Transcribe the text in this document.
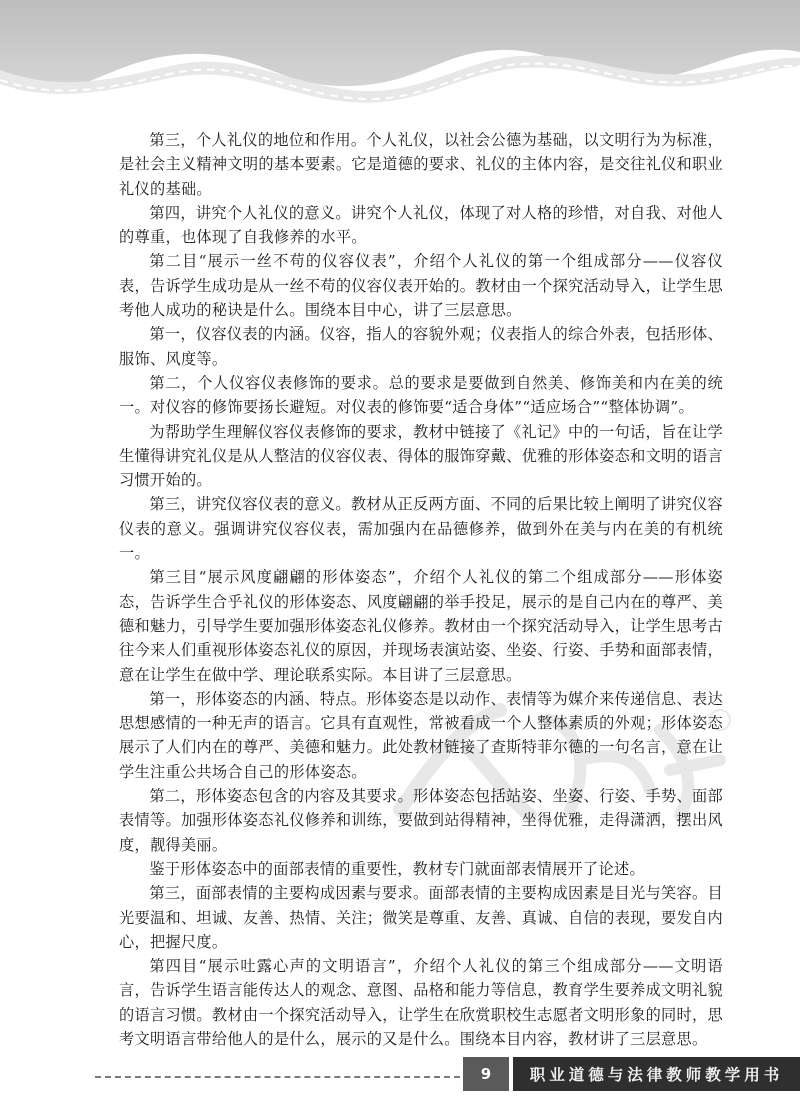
第三，个人礼仪的地位和作用。个人礼仪，以社会公德为基础，以文明行为为标准，是社会主义精神文明的基本要素。它是道德的要求、礼仪的主体内容，是交往礼仪和职业礼仪的基础。

第四，讲究个人礼仪的意义。讲究个人礼仪，体现了对人格的珍惜，对自我、对他人的尊重，也体现了自我修养的水平。

第二目“展示一丝不苟的仪容仪表”，介绍个人礼仪的第一个组成部分——仪容仪表，告诉学生成功是从一丝不苟的仪容仪表开始的。教材由一个探究活动导入，让学生思考他人成功的秘诀是什么。围绕本目中心，讲了三层意思。

第一，仪容仪表的内涵。仪容，指人的容貌外观；仪表指人的综合外表，包括形体、服饰、风度等。

第二，个人仪容仪表修饰的要求。总的要求是要做到自然美、修饰美和内在美的统一。对仪容的修饰要扬长避短。对仪表的修饰要“适合身体”“适应场合”“整体协调”。

为帮助学生理解仪容仪表修饰的要求，教材中链接了《礼记》中的一句话，旨在让学生懂得讲究礼仪是从人整洁的仪容仪表、得体的服饰穿戴、优雅的形体姿态和文明的语言习惯开始的。

第三，讲究仪容仪表的意义。教材从正反两方面、不同的后果比较上阐明了讲究仪容仪表的意义。强调讲究仪容仪表，需加强内在品德修养，做到外在美与内在美的有机统一。

第三目“展示风度翩翩的形体姿态”，介绍个人礼仪的第二个组成部分——形体姿态，告诉学生合乎礼仪的形体姿态、风度翩翩的举手投足，展示的是自己内在的尊严、美德和魅力，引导学生要加强形体姿态礼仪修养。教材由一个探究活动导入，让学生思考古往今来人们重视形体姿态礼仪的原因，并现场表演站姿、坐姿、行姿、手势和面部表情，意在让学生在做中学、理论联系实际。本目讲了三层意思。

第一，形体姿态的内涵、特点。形体姿态是以动作、表情等为媒介来传递信息、表达思想感情的一种无声的语言。它具有直观性，常被看成一个人整体素质的外观；形体姿态展示了人们内在的尊严、美德和魅力。此处教材链接了查斯特菲尔德的一句名言，意在让学生注重公共场合自己的形体姿态。

第二，形体姿态包含的内容及其要求。形体姿态包括站姿、坐姿、行姿、手势、面部表情等。加强形体姿态礼仪修养和训练，要做到站得精神，坐得优雅，走得潇洒，摆出风度，靓得美丽。

鉴于形体姿态中的面部表情的重要性，教材专门就面部表情展开了论述。

第三，面部表情的主要构成因素与要求。面部表情的主要构成因素是目光与笑容。目光要温和、坦诚、友善、热情、关注；微笑是尊重、友善、真诚、自信的表现，要发自内心，把握尺度。

第四目“展示吐露心声的文明语言”，介绍个人礼仪的第三个组成部分——文明语言，告诉学生语言能传达人的观念、意图、品格和能力等信息，教育学生要养成文明礼貌的语言习惯。教材由一个探究活动导入，让学生在欣赏职校生志愿者文明形象的同时，思考文明语言带给他人的是什么，展示的又是什么。围绕本目内容，教材讲了三层意思。

9	职业道德与法律教师教学用书
